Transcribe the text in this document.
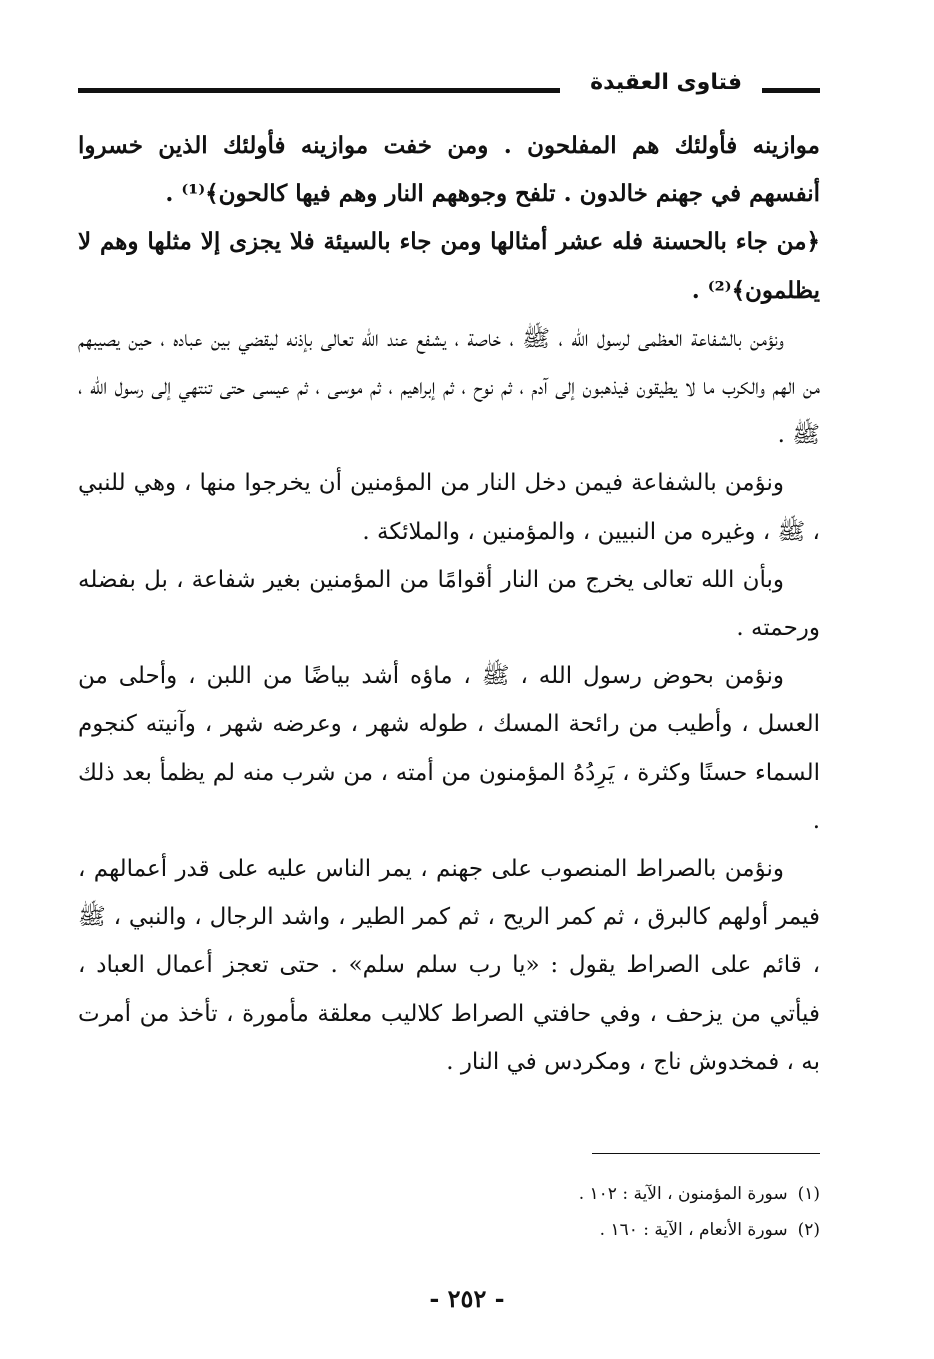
فتاوى العقيدة

موازينه فأولئك هم المفلحون . ومن خفت موازينه فأولئك الذين خسروا أنفسهم في جهنم خالدون . تلفح وجوههم النار وهم فيها كالحون﴾⁽¹⁾ .

﴿من جاء بالحسنة فله عشر أمثالها ومن جاء بالسيئة فلا يجزى إلا مثلها وهم لا يظلمون﴾⁽²⁾ .

ونؤمن بالشفاعة العظمى لرسول الله ، ﷺ ، خاصة ، يشفع عند الله تعالى بإذنه ليقضي بين عباده ، حين يصيبهم من الهم والكرب ما لا يطيقون فيذهبون إلى آدم ، ثم نوح ، ثم إبراهيم ، ثم موسى ، ثم عيسى حتى تنتهي إلى رسول الله ، ﷺ .

ونؤمن بالشفاعة فيمن دخل النار من المؤمنين أن يخرجوا منها ، وهي للنبي ، ﷺ ، وغيره من النبيين ، والمؤمنين ، والملائكة .

وبأن الله تعالى يخرج من النار أقوامًا من المؤمنين بغير شفاعة ، بل بفضله ورحمته .

ونؤمن بحوض رسول الله ، ﷺ ، ماؤه أشد بياضًا من اللبن ، وأحلى من العسل ، وأطيب من رائحة المسك ، طوله شهر ، وعرضه شهر ، وآنيته كنجوم السماء حسنًا وكثرة ، يَرِدُهُ المؤمنون من أمته ، من شرب منه لم يظمأ بعد ذلك .

ونؤمن بالصراط المنصوب على جهنم ، يمر الناس عليه على قدر أعمالهم ، فيمر أولهم كالبرق ، ثم كمر الريح ، ثم كمر الطير ، واشد الرجال ، والنبي ، ﷺ ، قائم على الصراط يقول : «يا رب سلم سلم» . حتى تعجز أعمال العباد ، فيأتي من يزحف ، وفي حافتي الصراط كلاليب معلقة مأمورة ، تأخذ من أمرت به ، فمخدوش ناج ، ومكردس في النار .

(١)سورة المؤمنون ، الآية : ١٠٢ .
(٢)سورة الأنعام ، الآية : ١٦٠ .
- ٢٥٢ -
